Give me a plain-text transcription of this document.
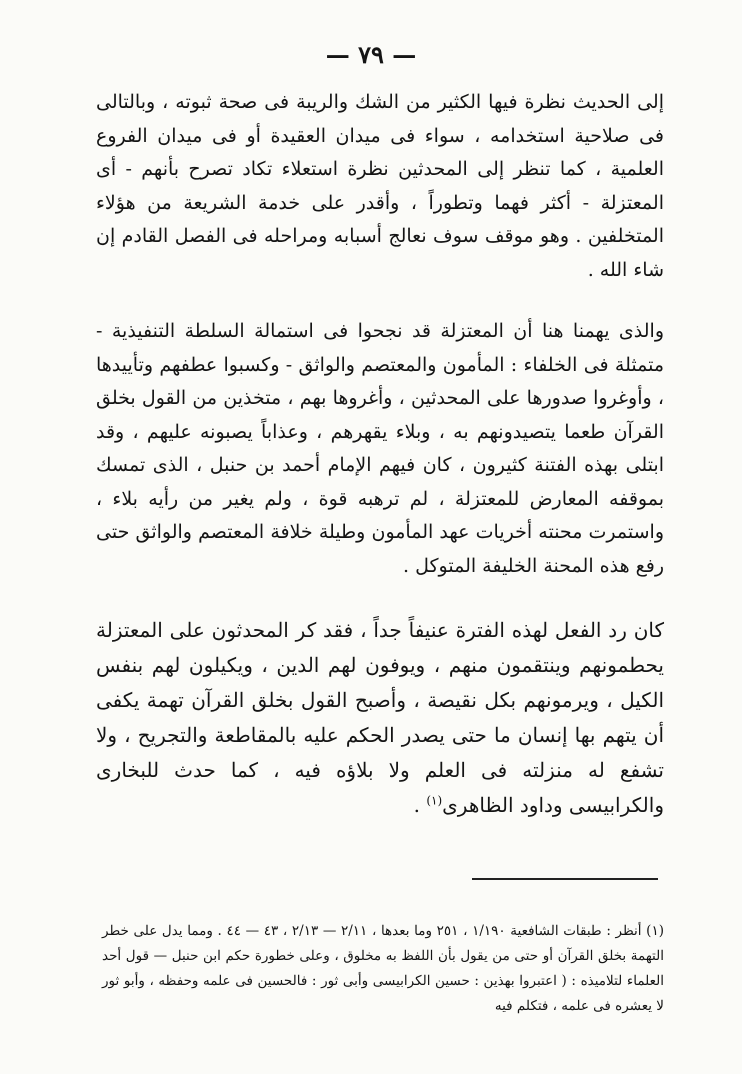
— ٧٩ —

إلى الحديث نظرة فيها الكثير من الشك والريبة فى صحة ثبوته ، وبالتالى فى صلاحية استخدامه ، سواء فى ميدان العقيدة أو فى ميدان الفروع العلمية ، كما تنظر إلى المحدثين نظرة استعلاء تكاد تصرح بأنهم - أى المعتزلة - أكثر فهما وتطوراً ، وأقدر على خدمة الشريعة من هؤلاء المتخلفين . وهو موقف سوف نعالج أسبابه ومراحله فى الفصل القادم إن شاء الله .

والذى يهمنا هنا أن المعتزلة قد نجحوا فى استمالة السلطة التنفيذية - متمثلة فى الخلفاء : المأمون والمعتصم والواثق - وكسبوا عطفهم وتأييدها ، وأوغروا صدورها على المحدثين ، وأغروها بهم ، متخذين من القول بخلق القرآن طعما يتصيدونهم به ، وبلاء يقهرهم ، وعذاباً يصبونه عليهم ، وقد ابتلى بهذه الفتنة كثيرون ، كان فيهم الإمام أحمد بن حنبل ، الذى تمسك بموقفه المعارض للمعتزلة ، لم ترهبه قوة ، ولم يغير من رأيه بلاء ، واستمرت محنته أخريات عهد المأمون وطيلة خلافة المعتصم والواثق حتى رفع هذه المحنة الخليفة المتوكل .

كان رد الفعل لهذه الفترة عنيفاً جداً ، فقد كر المحدثون على المعتزلة يحطمونهم وينتقمون منهم ، ويوفون لهم الدين ، ويكيلون لهم بنفس الكيل ، ويرمونهم بكل نقيصة ، وأصبح القول بخلق القرآن تهمة يكفى أن يتهم بها إنسان ما حتى يصدر الحكم عليه بالمقاطعة والتجريح ، ولا تشفع له منزلته فى العلم ولا بلاؤه فيه ، كما حدث للبخارى والكرابيسى وداود الظاهرى$^{(١)}$ .

(١) أنظر : طبقات الشافعية ١/١٩٠ ، ٢٥١ وما بعدها ، ٢/١١ — ٢/١٣ ، ٤٣ — ٤٤ . ومما يدل على خطر التهمة بخلق القرآن أو حتى من يقول بأن اللفظ به مخلوق ، وعلى خطورة حكم ابن حنبل — قول أحد العلماء لتلاميذه : ( اعتبروا بهذين : حسين الكرابيسى وأبى ثور : فالحسين فى علمه وحفظه ، وأبو ثور لا يعشره فى علمه ، فتكلم فيه
